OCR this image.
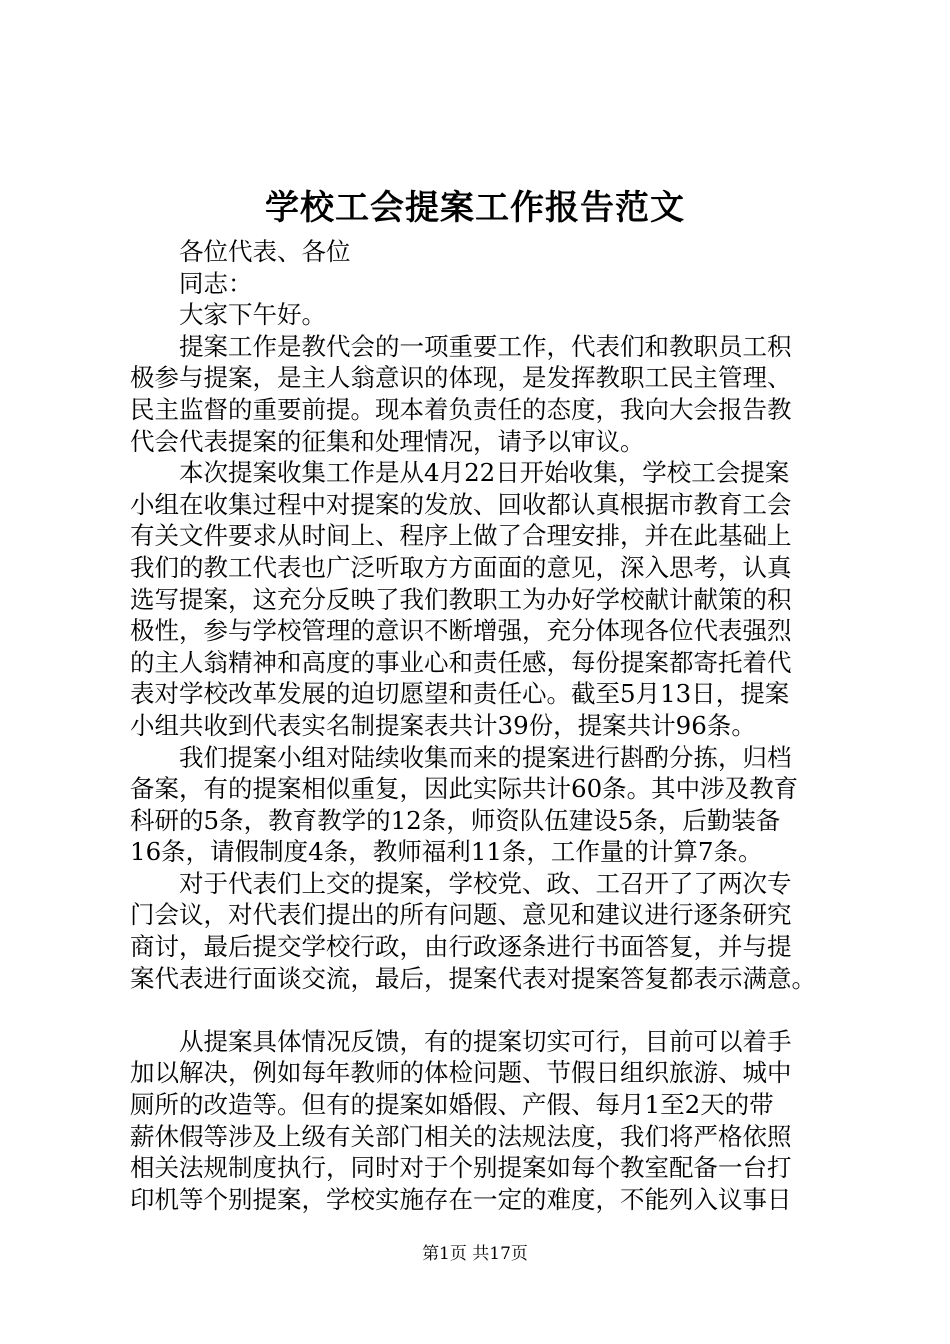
学校工会提案工作报告范文
各位代表、各位
同志：
大家下午好。
提案工作是教代会的一项重要工作，代表们和教职员工积
极参与提案，是主人翁意识的体现，是发挥教职工民主管理、
民主监督的重要前提。现本着负责任的态度，我向大会报告教
代会代表提案的征集和处理情况，请予以审议。
本次提案收集工作是从4月22日开始收集，学校工会提案
小组在收集过程中对提案的发放、回收都认真根据市教育工会
有关文件要求从时间上、程序上做了合理安排，并在此基础上
我们的教工代表也广泛听取方方面面的意见，深入思考，认真
选写提案，这充分反映了我们教职工为办好学校献计献策的积
极性，参与学校管理的意识不断增强，充分体现各位代表强烈
的主人翁精神和高度的事业心和责任感，每份提案都寄托着代
表对学校改革发展的迫切愿望和责任心。截至5月13日，提案
小组共收到代表实名制提案表共计39份，提案共计96条。
我们提案小组对陆续收集而来的提案进行斟酌分拣，归档
备案，有的提案相似重复，因此实际共计60条。其中涉及教育
科研的5条，教育教学的12条，师资队伍建设5条，后勤装备
16条，请假制度4条，教师福利11条，工作量的计算7条。
对于代表们上交的提案，学校党、政、工召开了了两次专
门会议，对代表们提出的所有问题、意见和建议进行逐条研究
商讨，最后提交学校行政，由行政逐条进行书面答复，并与提
案代表进行面谈交流，最后，提案代表对提案答复都表示满意。
从提案具体情况反馈，有的提案切实可行，目前可以着手
加以解决，例如每年教师的体检问题、节假日组织旅游、城中
厕所的改造等。但有的提案如婚假、产假、每月1至2天的带
薪休假等涉及上级有关部门相关的法规法度，我们将严格依照
相关法规制度执行，同时对于个别提案如每个教室配备一台打
印机等个别提案，学校实施存在一定的难度，不能列入议事日
第1页 共17页
